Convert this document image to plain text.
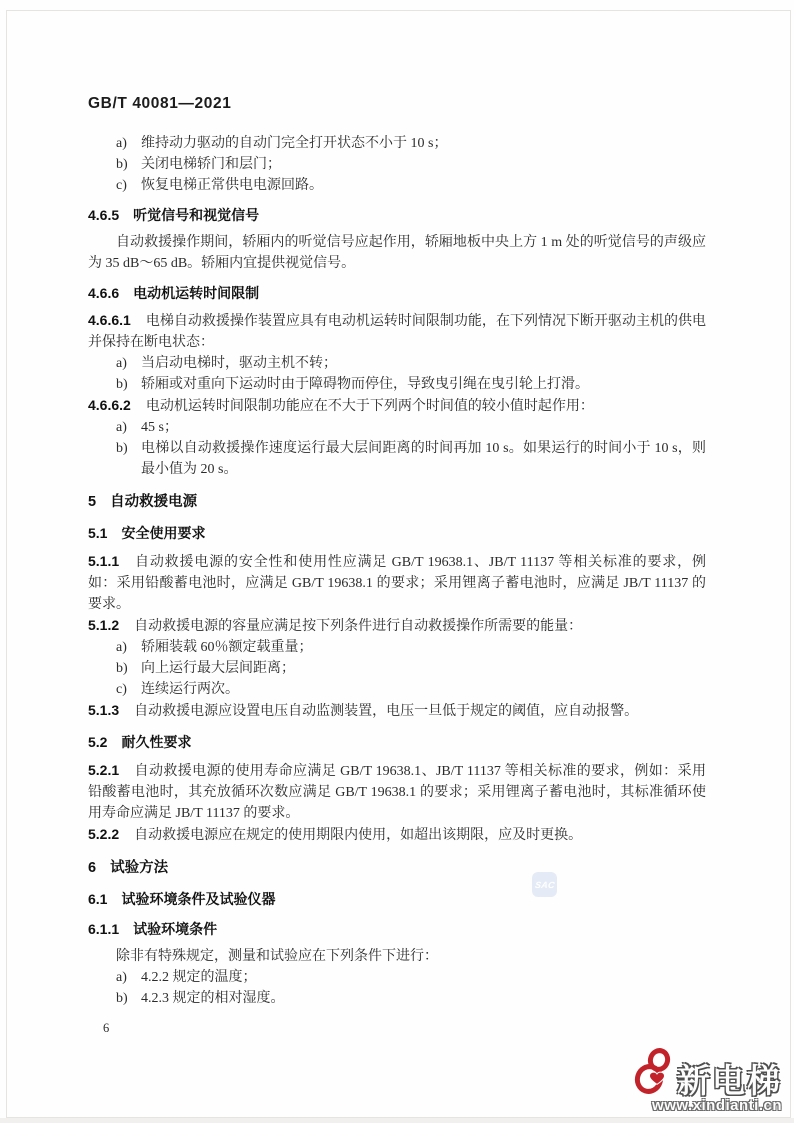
GB/T 40081—2021
a)	维持动力驱动的自动门完全打开状态不小于 10 s；
b) 关闭电梯轿门和层门；
c)	恢复电梯正常供电电源回路。
4.6.5 听觉信号和视觉信号

自动救援操作期间，轿厢内的听觉信号应起作用，轿厢地板中央上方 1 m 处的听觉信号的声级应为 35 dB～65 dB。轿厢内宜提供视觉信号。

4.6.6 电动机运转时间限制

4.6.6.1 电梯自动救援操作装置应具有电动机运转时间限制功能，在下列情况下断开驱动主机的供电并保持在断电状态：

a)	当启动电梯时，驱动主机不转；
b) 轿厢或对重向下运动时由于障碍物而停住，导致曳引绳在曳引轮上打滑。

4.6.6.2 电动机运转时间限制功能应在不大于下列两个时间值的较小值时起作用：

a)	45 s；
b) 电梯以自动救援操作速度运行最大层间距离的时间再加 10 s。如果运行的时间小于 10 s，则最小值为 20 s。
5 自动救援电源
5.1 安全使用要求

5.1.1 自动救援电源的安全性和使用性应满足 GB/T 19638.1、JB/T 11137 等相关标准的要求，例如：采用铅酸蓄电池时，应满足 GB/T 19638.1 的要求；采用锂离子蓄电池时，应满足 JB/T 11137 的要求。

5.1.2 自动救援电源的容量应满足按下列条件进行自动救援操作所需要的能量：

a)	轿厢装载 60％额定载重量；
b) 向上运行最大层间距离；
c)	连续运行两次。

5.1.3 自动救援电源应设置电压自动监测装置，电压一旦低于规定的阈值，应自动报警。

5.2 耐久性要求

5.2.1 自动救援电源的使用寿命应满足 GB/T 19638.1、JB/T 11137 等相关标准的要求，例如：采用铅酸蓄电池时，其充放循环次数应满足 GB/T 19638.1 的要求；采用锂离子蓄电池时，其标准循环使用寿命应满足 JB/T 11137 的要求。

5.2.2 自动救援电源应在规定的使用期限内使用，如超出该期限，应及时更换。

6 试验方法
6.1 试验环境条件及试验仪器
6.1.1 试验环境条件

除非有特殊规定，测量和试验应在下列条件下进行：

a)	4.2.2 规定的温度；
b) 4.2.3 规定的相对湿度。
6
SAC
新电梯
www.xindianti.cn
